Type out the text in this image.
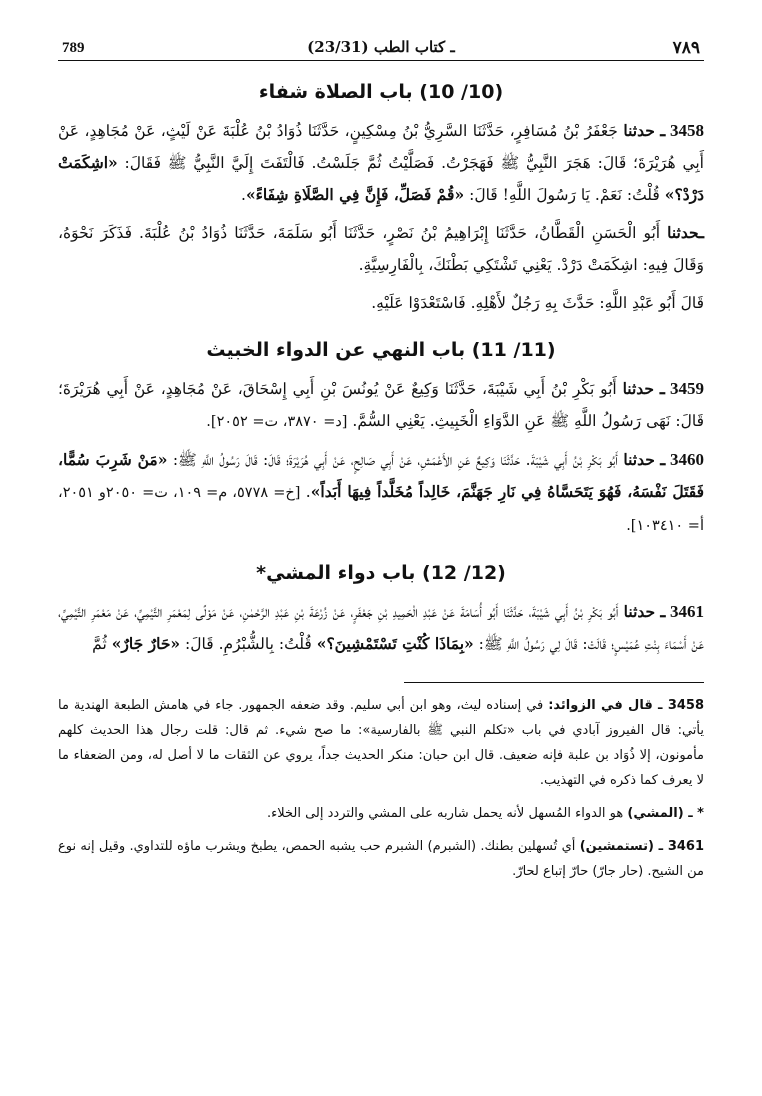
789	(23/31) ـ كتاب الطب	٧٨٩
(10/ 10) باب الصلاة شفاء

3458 ـ حدثنا جَعْفَرُ بْنُ مُسَافِرٍ، حَدَّثَنَا السَّرِيُّ بْنُ مِسْكِينٍ، حَدَّثَنَا ذُوَادُ بْنُ عُلْبَةَ عَنْ لَيْثٍ، عَنْ مُجَاهِدٍ، عَنْ أَبِي هُرَيْرَةَ؛ قَالَ: هَجَرَ النَّبِيُّ ﷺ فَهَجَرْتُ. فَصَلَّيْتُ ثُمَّ جَلَسْتُ. فَالْتَفَتَ إِلَيَّ النَّبِيُّ ﷺ فَقَالَ: «اشِكَمَتْ دَرْدْ؟» قُلْتُ: نَعَمْ. يَا رَسُولَ اللَّهِ! قَالَ: «قُمْ فَصَلِّ، فَإِنَّ فِي الصَّلَاةِ شِفَاءً».

ـحدثنا أَبُو الْحَسَنِ الْقَطَّانُ، حَدَّثَنَا إِبْرَاهِيمُ بْنُ نَصْرٍ، حَدَّثَنَا أَبُو سَلَمَةَ، حَدَّثَنَا ذُوَادُ بْنُ عُلْبَةَ. فَذَكَرَ نَحْوَهُ، وَقَالَ فِيهِ: اشِكَمَتْ دَرْدْ. يَعْنِي تَشْتَكِي بَطْنَكَ، بِالْفَارِسِيَّةِ.

قَالَ أَبُو عَبْدِ اللَّهِ: حَدَّثَ بِهِ رَجُلٌ لأَهْلِهِ. فَاسْتَعْدَوْا عَلَيْهِ.

(11/ 11) باب النهي عن الدواء الخبيث

3459 ـ حدثنا أَبُو بَكْرِ بْنُ أَبِي شَيْبَةَ، حَدَّثَنَا وَكِيعٌ عَنْ يُونُسَ بْنِ أَبِي إِسْحَاقَ، عَنْ مُجَاهِدٍ، عَنْ أَبِي هُرَيْرَةَ؛ قَالَ: نَهَى رَسُولُ اللَّهِ ﷺ عَنِ الدَّوَاءِ الْخَبِيثِ. يَعْنِي السُّمَّ. [د= ٣٨٧٠، ت= ٢٠٥٢].

3460 ـ حدثنا أَبُو بَكْرِ بْنُ أَبِي شَيْبَةَ. حَدَّثَنَا وَكِيعٌ عَنِ الأَعْمَشِ، عَنْ أَبِي صَالِحٍ، عَنْ أَبِي هُرَيْرَةَ؛ قَالَ: قَالَ رَسُولُ اللَّهِ ﷺ: «مَنْ شَرِبَ سُمًّا، فَقَتَلَ نَفْسَهُ، فَهُوَ يَتَحَسَّاهُ فِي نَارِ جَهَنَّمَ، خَالِداً مُخَلَّداً فِيهَا أَبَداً». [خ= ٥٧٧٨، م= ١٠٩، ت= ٢٠٥٠و ٢٠٥١، أ= ١٠٣٤١٠].

(12/ 12) باب دواء المشي*

3461 ـ حدثنا أَبُو بَكْرِ بْنُ أَبِي شَيْبَةَ، حَدَّثَنَا أَبُو أُسَامَةَ عَنْ عَبْدِ الْحَمِيدِ بْنِ جَعْفَرٍ، عَنْ زُرْعَةَ بْنِ عَبْدِ الرَّحْمٰنِ، عَنْ مَوْلًى لِمَعْمَرِ التَّيْمِيِّ، عَنْ مَعْمَرِ التَّيْمِيِّ، عَنْ أَسْمَاءَ بِنْتِ عُمَيْسٍ؛ قَالَتْ: قَالَ لِي رَسُولُ اللَّهِ ﷺ: «بِمَاذَا كُنْتِ تَسْتَمْشِينَ؟» قُلْتُ: بِالشُّبْرُمِ. قَالَ: «حَارٌ جَارٌ» ثُمَّ

3458 ـ قال في الزوائد: في إسناده ليث، وهو ابن أبي سليم. وقد ضعفه الجمهور. جاء في هامش الطبعة الهندية ما يأتي: قال الفيروز آبادي في باب «تكلم النبي ﷺ بالفارسية»: ما صح شيء. ثم قال: قلت رجال هذا الحديث كلهم مأمونون، إلا ذُوَاد بن علبة فإنه ضعيف. قال ابن حبان: منكر الحديث جداً، يروي عن الثقات ما لا أصل له، ومن الضعفاء ما لا يعرف كما ذكره في التهذيب.

* ـ (المشي) هو الدواء المُسهل لأنه يحمل شاربه على المشي والتردد إلى الخلاء.

3461 ـ (تستمشين) أي تُسهلين بطنك. (الشبرم) الشبرم حب يشبه الحمص، يطبخ ويشرب ماؤه للتداوي. وقيل إنه نوع من الشيح. (حار جارّ) حارّ إتباع لحارّ.
